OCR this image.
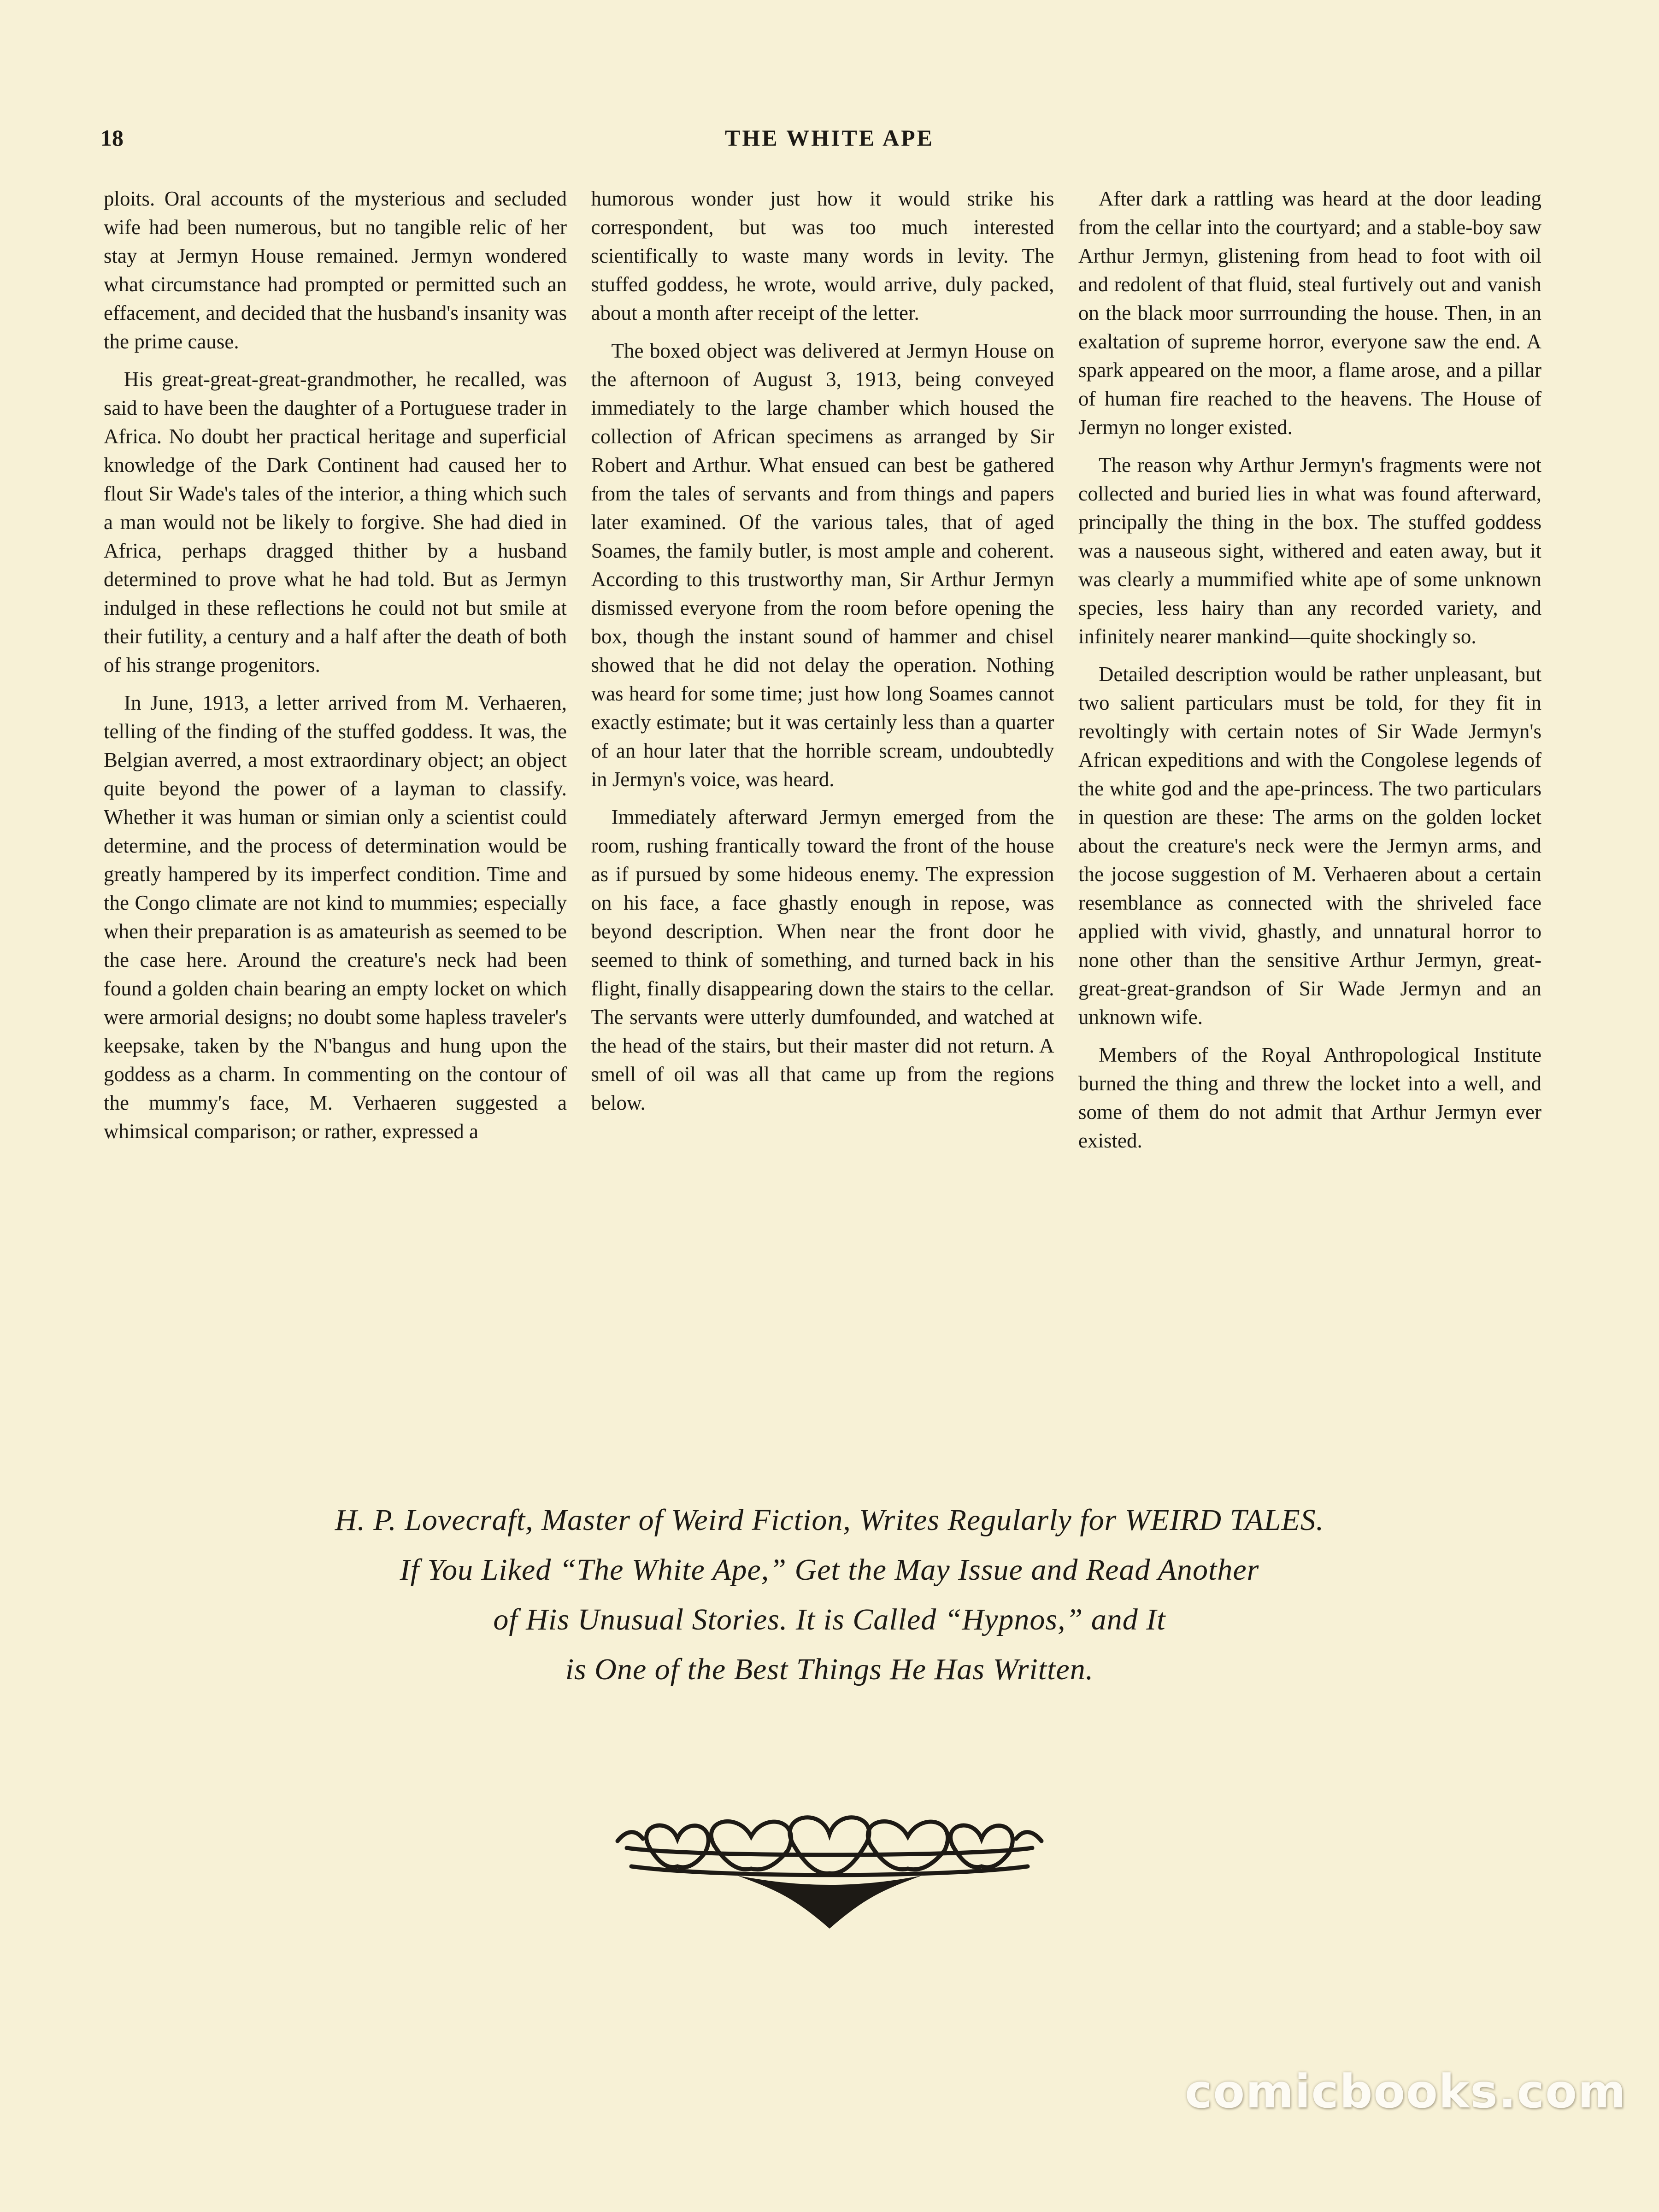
18	THE WHITE APE

ploits. Oral accounts of the mysterious and secluded wife had been numerous, but no tangible relic of her stay at Jermyn House remained. Jermyn wondered what circumstance had prompted or permitted such an effacement, and decided that the husband's insanity was the prime cause.

His great-great-great-grandmother, he recalled, was said to have been the daughter of a Portuguese trader in Africa. No doubt her practical heritage and superficial knowledge of the Dark Continent had caused her to flout Sir Wade's tales of the interior, a thing which such a man would not be likely to forgive. She had died in Africa, perhaps dragged thither by a husband determined to prove what he had told. But as Jermyn indulged in these reflections he could not but smile at their futility, a century and a half after the death of both of his strange progenitors.

In June, 1913, a letter arrived from M. Verhaeren, telling of the finding of the stuffed goddess. It was, the Belgian averred, a most extraordinary object; an object quite beyond the power of a layman to classify. Whether it was human or simian only a scientist could determine, and the process of determination would be greatly hampered by its imperfect condition. Time and the Congo climate are not kind to mummies; especially when their preparation is as amateurish as seemed to be the case here. Around the creature's neck had been found a golden chain bearing an empty locket on which were armorial designs; no doubt some hapless traveler's keepsake, taken by the N'bangus and hung upon the goddess as a charm. In commenting on the contour of the mummy's face, M. Verhaeren suggested a whimsical comparison; or rather, expressed a

humorous wonder just how it would strike his correspondent, but was too much interested scientifically to waste many words in levity. The stuffed goddess, he wrote, would arrive, duly packed, about a month after receipt of the letter.

The boxed object was delivered at Jermyn House on the afternoon of August 3, 1913, being conveyed immediately to the large chamber which housed the collection of African specimens as arranged by Sir Robert and Arthur. What ensued can best be gathered from the tales of servants and from things and papers later examined. Of the various tales, that of aged Soames, the family butler, is most ample and coherent. According to this trustworthy man, Sir Arthur Jermyn dismissed everyone from the room before opening the box, though the instant sound of hammer and chisel showed that he did not delay the operation. Nothing was heard for some time; just how long Soames cannot exactly estimate; but it was certainly less than a quarter of an hour later that the horrible scream, undoubtedly in Jermyn's voice, was heard.

Immediately afterward Jermyn emerged from the room, rushing frantically toward the front of the house as if pursued by some hideous enemy. The expression on his face, a face ghastly enough in repose, was beyond description. When near the front door he seemed to think of something, and turned back in his flight, finally disappearing down the stairs to the cellar. The servants were utterly dumfounded, and watched at the head of the stairs, but their master did not return. A smell of oil was all that came up from the regions below.

After dark a rattling was heard at the door leading from the cellar into the courtyard; and a stable-boy saw Arthur Jermyn, glistening from head to foot with oil and redolent of that fluid, steal furtively out and vanish on the black moor surrrounding the house. Then, in an exaltation of supreme horror, everyone saw the end. A spark appeared on the moor, a flame arose, and a pillar of human fire reached to the heavens. The House of Jermyn no longer existed.

The reason why Arthur Jermyn's fragments were not collected and buried lies in what was found afterward, principally the thing in the box. The stuffed goddess was a nauseous sight, withered and eaten away, but it was clearly a mummified white ape of some unknown species, less hairy than any recorded variety, and infinitely nearer mankind—quite shockingly so.

Detailed description would be rather unpleasant, but two salient particulars must be told, for they fit in revoltingly with certain notes of Sir Wade Jermyn's African expeditions and with the Congolese legends of the white god and the ape-princess. The two particulars in question are these: The arms on the golden locket about the creature's neck were the Jermyn arms, and the jocose suggestion of M. Verhaeren about a certain resemblance as connected with the shriveled face applied with vivid, ghastly, and unnatural horror to none other than the sensitive Arthur Jermyn, great-great-great-grandson of Sir Wade Jermyn and an unknown wife.

Members of the Royal Anthropological Institute burned the thing and threw the locket into a well, and some of them do not admit that Arthur Jermyn ever existed.

H. P. Lovecraft, Master of Weird Fiction, Writes Regularly for WEIRD TALES.
If You Liked “The White Ape,” Get the May Issue and Read Another
of His Unusual Stories. It is Called “Hypnos,” and It
is One of the Best Things He Has Written.
comicbooks.com
